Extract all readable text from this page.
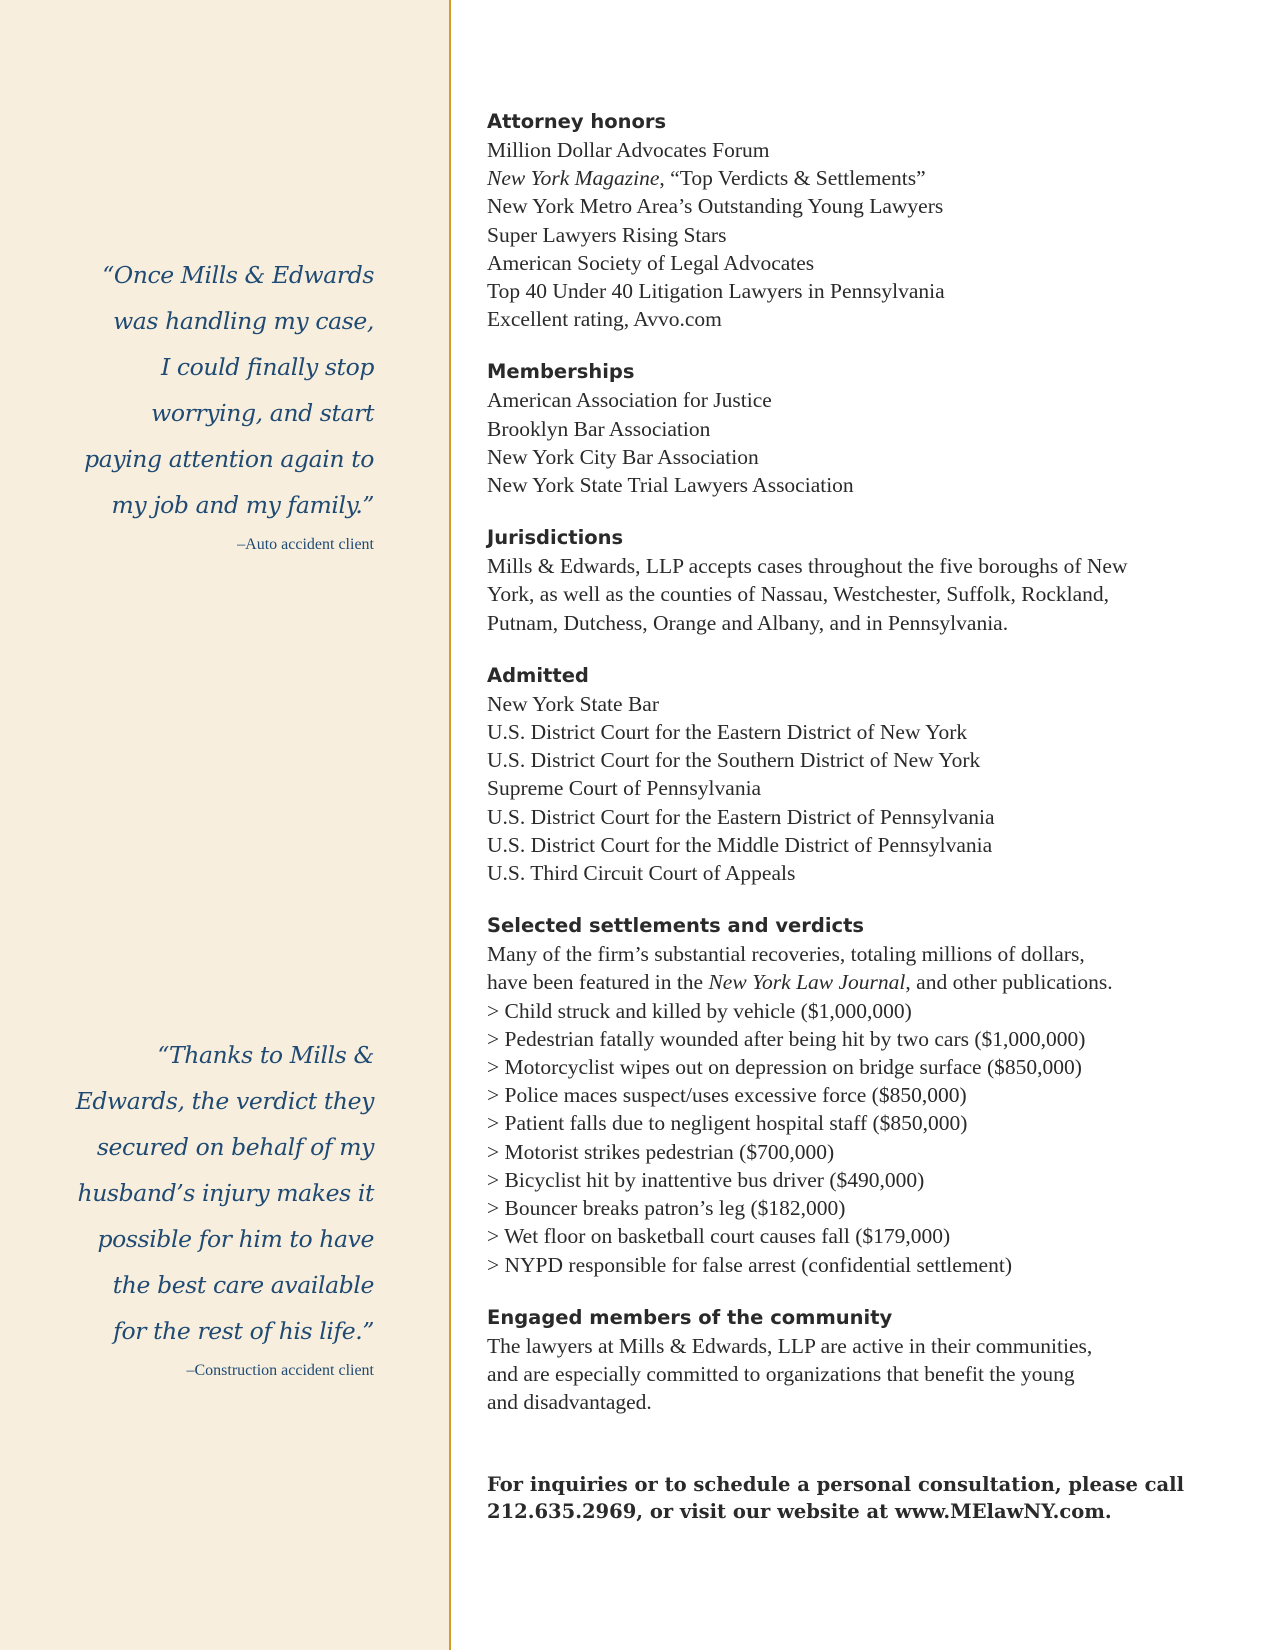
“Once Mills & Edwards
was handling my case,
I could finally stop
worrying, and start
paying attention again to
my job and my family.”
–Auto accident client
“Thanks to Mills &
Edwards, the verdict they
secured on behalf of my
husband’s injury makes it
possible for him to have
the best care available
for the rest of his life.”
–Construction accident client
Attorney honors
Million Dollar Advocates Forum
New York Magazine, “Top Verdicts & Settlements”
New York Metro Area’s Outstanding Young Lawyers
Super Lawyers Rising Stars
American Society of Legal Advocates
Top 40 Under 40 Litigation Lawyers in Pennsylvania
Excellent rating, Avvo.com
Memberships
American Association for Justice
Brooklyn Bar Association
New York City Bar Association
New York State Trial Lawyers Association
Jurisdictions
Mills & Edwards, LLP accepts cases throughout the five boroughs of New
York, as well as the counties of Nassau, Westchester, Suffolk, Rockland,
Putnam, Dutchess, Orange and Albany, and in Pennsylvania.
Admitted
New York State Bar
U.S. District Court for the Eastern District of New York
U.S. District Court for the Southern District of New York
Supreme Court of Pennsylvania
U.S. District Court for the Eastern District of Pennsylvania
U.S. District Court for the Middle District of Pennsylvania
U.S. Third Circuit Court of Appeals
Selected settlements and verdicts
Many of the firm’s substantial recoveries, totaling millions of dollars,
have been featured in the New York Law Journal, and other publications.
> Child struck and killed by vehicle ($1,000,000)
> Pedestrian fatally wounded after being hit by two cars ($1,000,000)
> Motorcyclist wipes out on depression on bridge surface ($850,000)
> Police maces suspect/uses excessive force ($850,000)
> Patient falls due to negligent hospital staff ($850,000)
> Motorist strikes pedestrian ($700,000)
> Bicyclist hit by inattentive bus driver ($490,000)
> Bouncer breaks patron’s leg ($182,000)
> Wet floor on basketball court causes fall ($179,000)
> NYPD responsible for false arrest (confidential settlement)
Engaged members of the community
The lawyers at Mills & Edwards, LLP are active in their communities,
and are especially committed to organizations that benefit the young
and disadvantaged.
For inquiries or to schedule a personal consultation, please call
212.635.2969, or visit our website at www.MElawNY.com.
